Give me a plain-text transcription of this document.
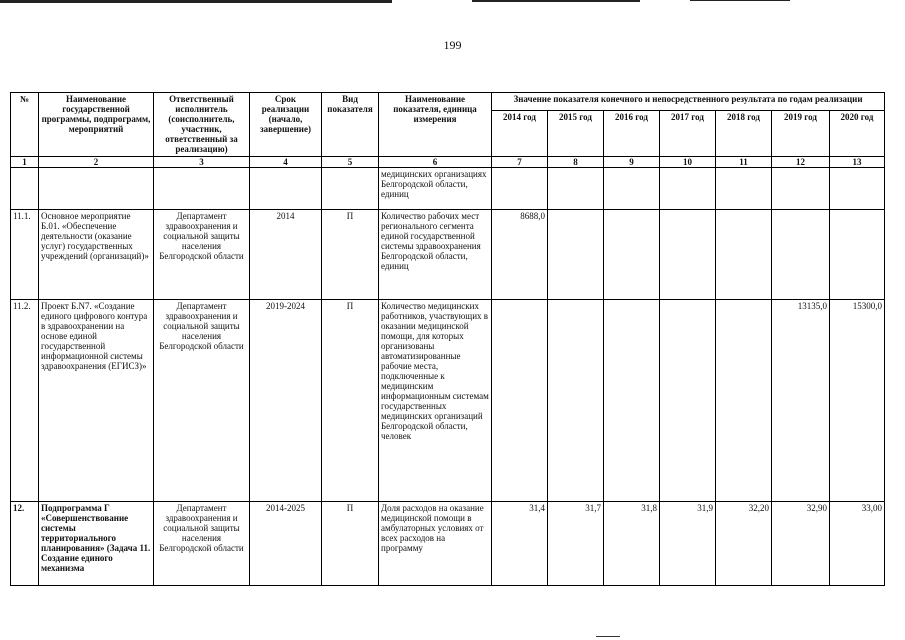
199
№	Наименование государственной программы, подпрограмм, мероприятий	Ответственный исполнитель (соисполнитель, участник, ответственный за реализацию)	Срок реализации (начало, завершение)	Вид показателя	Наименование показателя, единица измерения	Значение показателя конечного и непосредственного результата по годам реализации						
						2014 год	2015 год	2016 год	2017 год	2018 год	2019 год	2020 год
1	2	3	4	5	6	7	8	9	10	11	12	13
					медицинских организациях Белгородской области, единиц							
11.1.	Основное мероприятие Б.01. «Обеспечение деятельности (оказание услуг) государственных учреждений (организаций)»	Департамент здравоохранения и социальной защиты населения Белгородской области	2014	П	Количество рабочих мест регионального сегмента единой государственной системы здравоохранения Белгородской области, единиц	8688,0						
11.2.	Проект Б.N7. «Создание единого цифрового контура в здравоохранении на основе единой государственной информационной системы здравоохранения (ЕГИСЗ)»	Департамент здравоохранения и социальной защиты населения Белгородской области	2019-2024	П	Количество медицинских работников, участвующих в оказании медицинской помощи, для которых организованы автоматизированные рабочие места, подключенные к медицинским информационным системам государственных медицинских организаций Белгородской области, человек						13135,0	15300,0
12.	Подпрограмма Г «Совершенствование системы территориального планирования» (Задача 11. Создание единого механизма	Департамент здравоохранения и социальной защиты населения Белгородской области	2014-2025	П	Доля расходов на оказание медицинской помощи в амбулаторных условиях от всех расходов на программу	31,4	31,7	31,8	31,9	32,20	32,90	33,00
